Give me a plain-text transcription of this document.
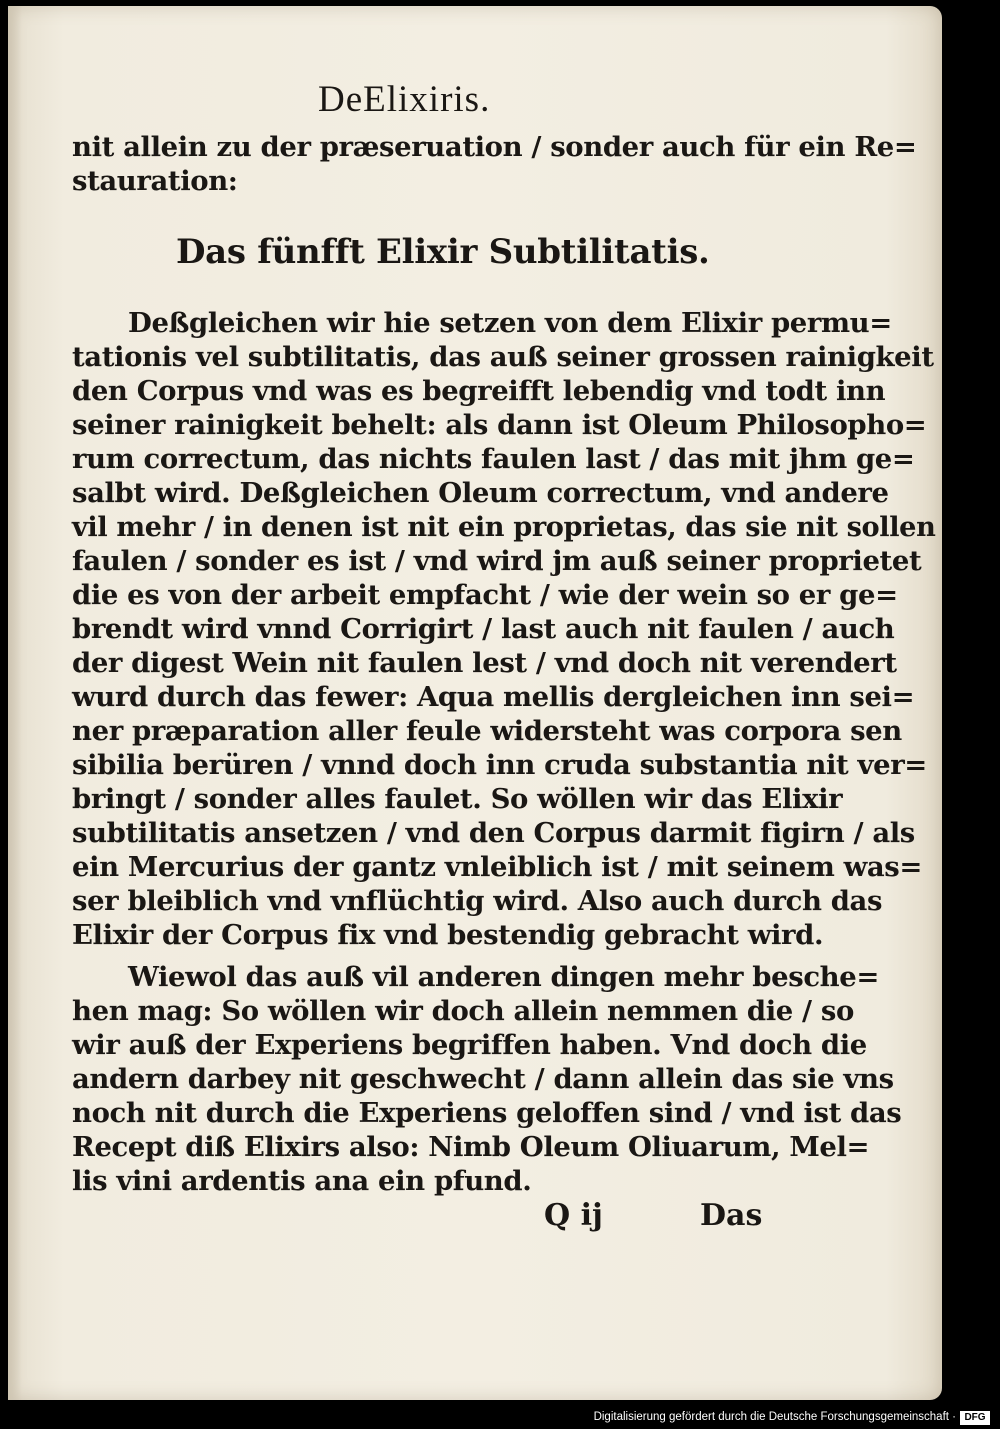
DeElixiris.
nit allein zu der præseruation / sonder auch für ein Re=
stauration:
Das fünfft Elixir Subtilitatis.
Deßgleichen wir hie setzen von dem Elixir permu=
tationis vel subtilitatis, das auß seiner grossen rainigkeit
den Corpus vnd was es begreifft lebendig vnd todt inn
seiner rainigkeit behelt: als dann ist Oleum Philosopho=
rum correctum, das nichts faulen last / das mit jhm ge=
salbt wird. Deßgleichen Oleum correctum, vnd andere
vil mehr / in denen ist nit ein proprietas, das sie nit sollen
faulen / sonder es ist / vnd wird jm auß seiner proprietet
die es von der arbeit empfacht / wie der wein so er ge=
brendt wird vnnd Corrigirt / last auch nit faulen / auch
der digest Wein nit faulen lest / vnd doch nit verendert
wurd durch das fewer: Aqua mellis dergleichen inn sei=
ner præparation aller feule widersteht was corpora sen
sibilia berüren / vnnd doch inn cruda substantia nit ver=
bringt / sonder alles faulet. So wöllen wir das Elixir
subtilitatis ansetzen / vnd den Corpus darmit figirn / als
ein Mercurius der gantz vnleiblich ist / mit seinem was=
ser bleiblich vnd vnflüchtig wird. Also auch durch das
Elixir der Corpus fix vnd bestendig gebracht wird.
Wiewol das auß vil anderen dingen mehr besche=
hen mag: So wöllen wir doch allein nemmen die / so
wir auß der Experiens begriffen haben. Vnd doch die
andern darbey nit geschwecht / dann allein das sie vns
noch nit durch die Experiens geloffen sind / vnd ist das
Recept diß Elixirs also: Nimb Oleum Oliuarum, Mel=
lis vini ardentis ana ein pfund.
Q ij	Das
Digitalisierung gefördert durch die Deutsche Forschungsgemeinschaft · DFG
